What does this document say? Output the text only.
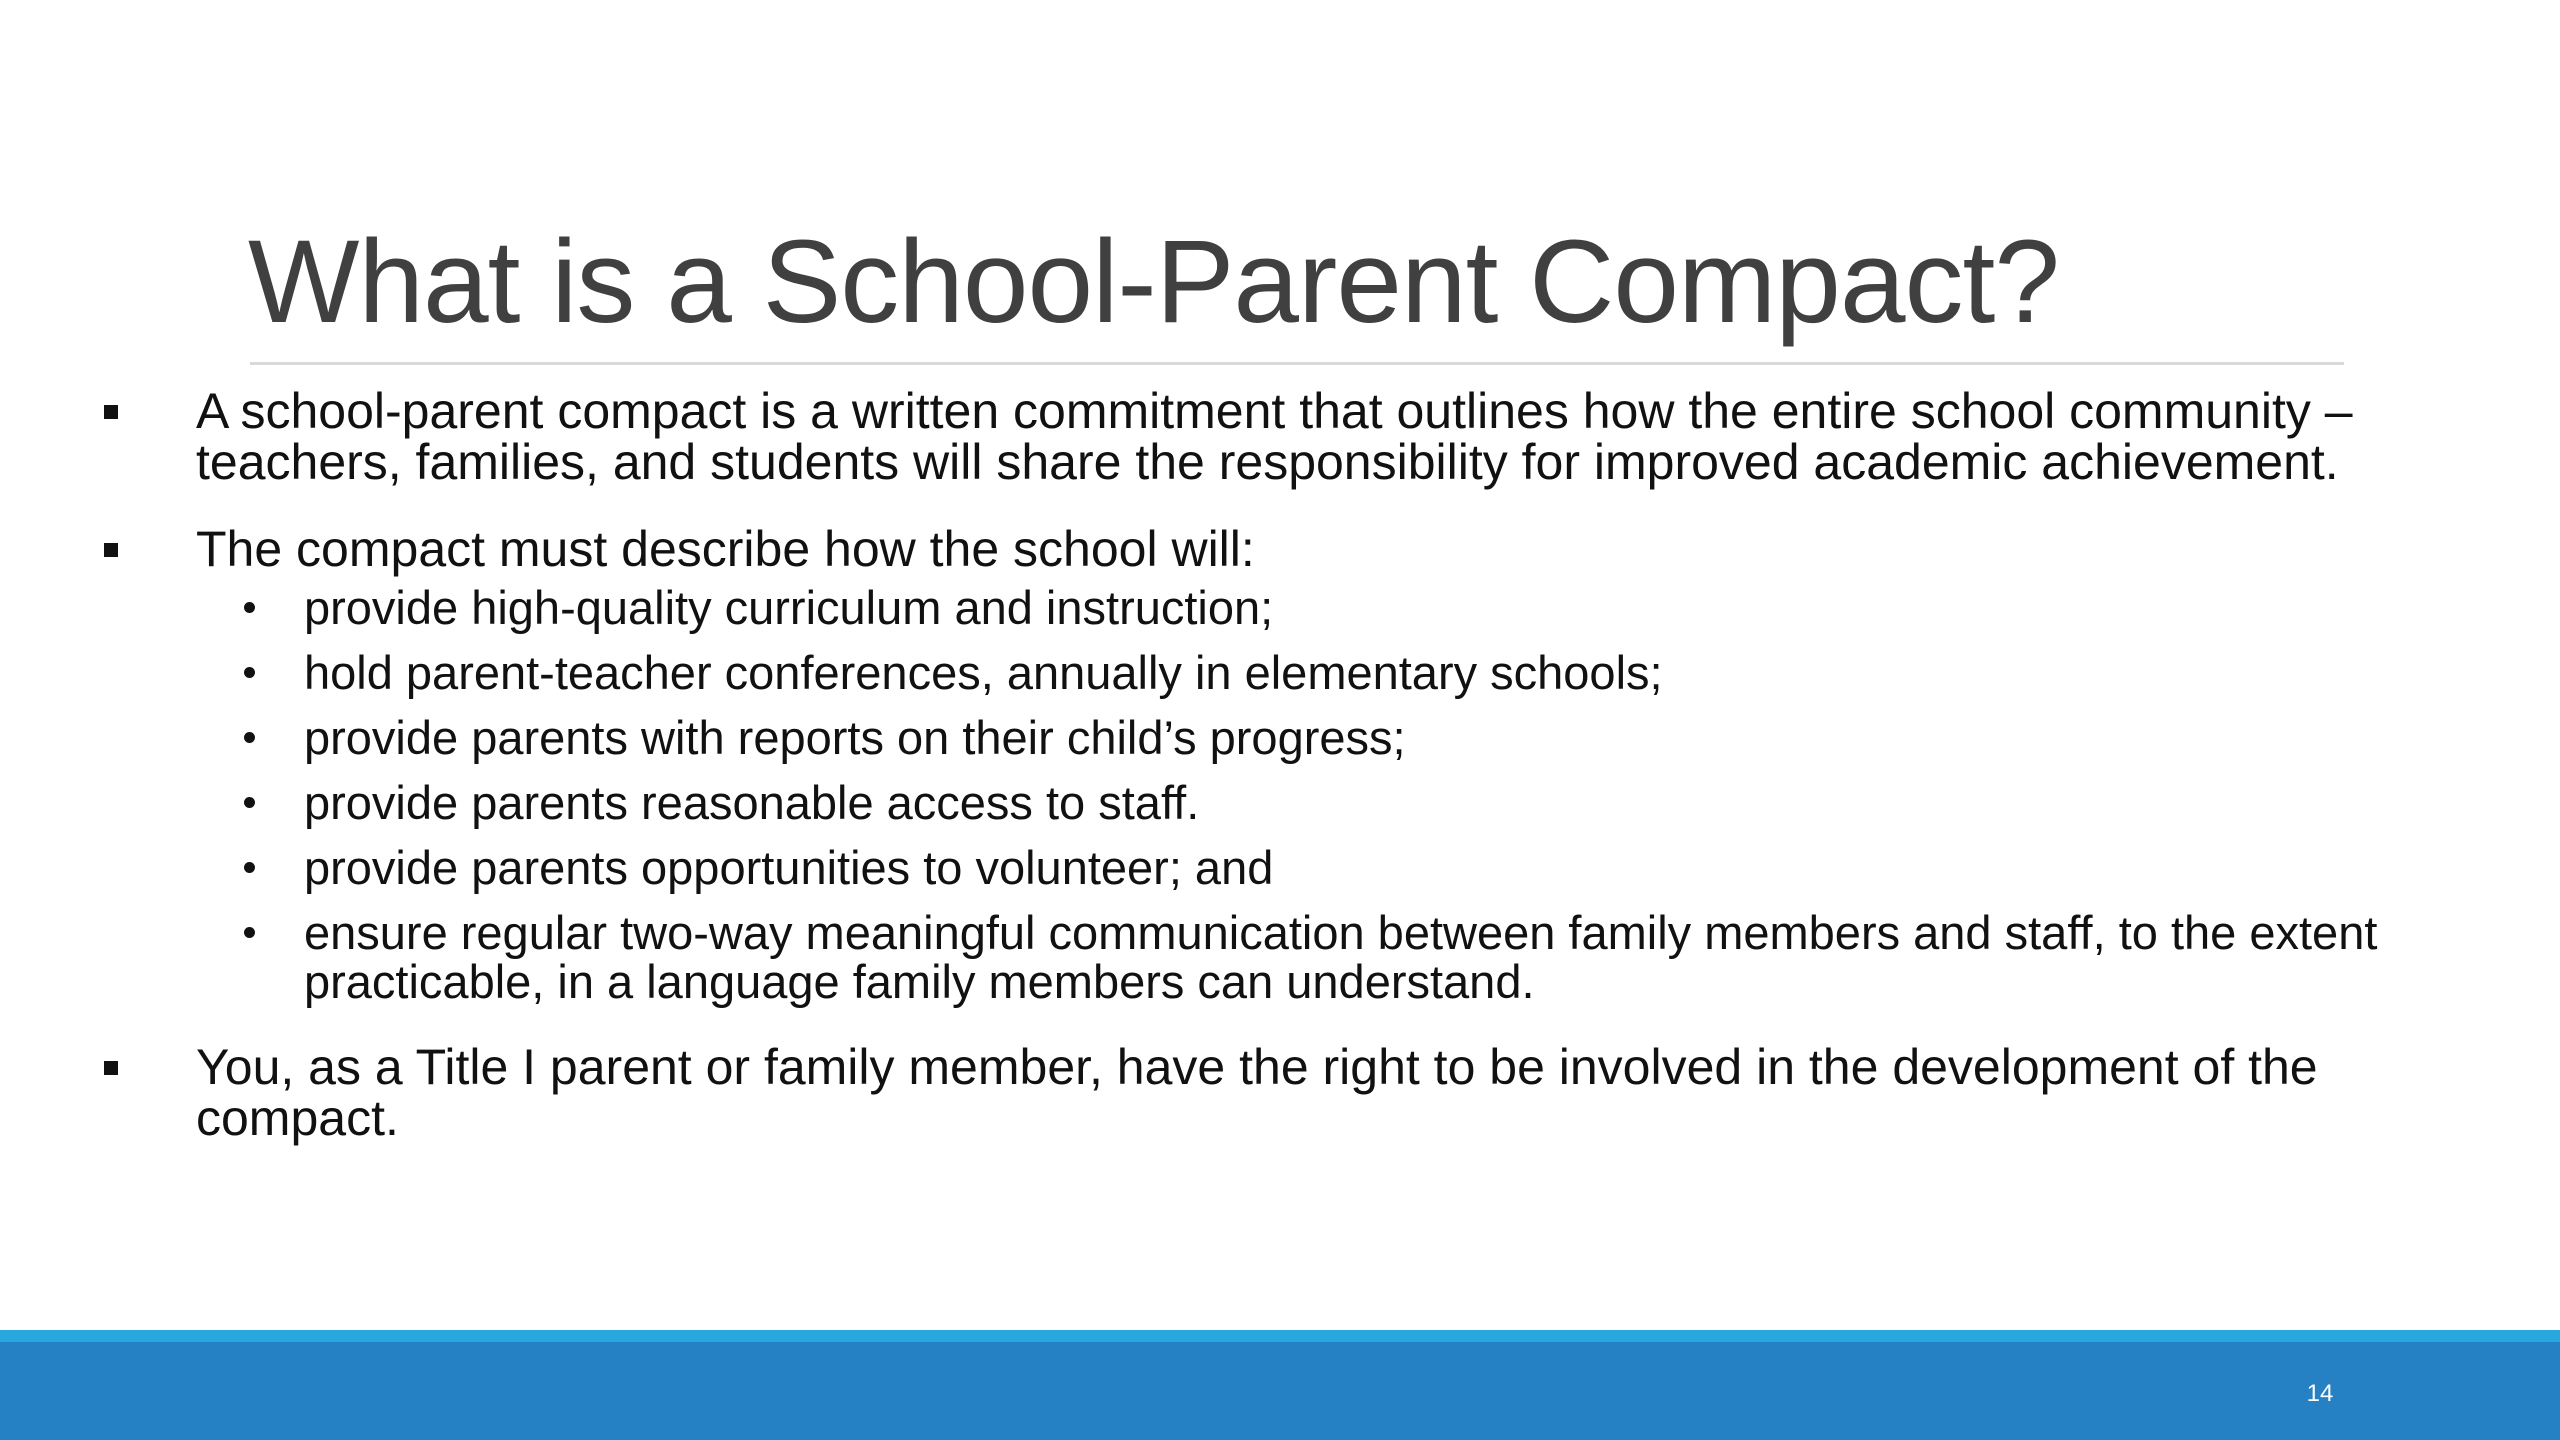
What is a School-Parent Compact?
A school-parent compact is a written commitment that outlines how the entire school community – teachers, families, and students will share the responsibility for improved academic achievement.
The compact must describe how the school will:
provide high-quality curriculum and instruction;
hold parent-teacher conferences, annually in elementary schools;
provide parents with reports on their child’s progress;
provide parents reasonable access to staff.
provide parents opportunities to volunteer; and
ensure regular two-way meaningful communication between family members and staff, to the extent practicable, in a language family members can understand.
You, as a Title I parent or family member, have the right to be involved in the development of the compact.
14
